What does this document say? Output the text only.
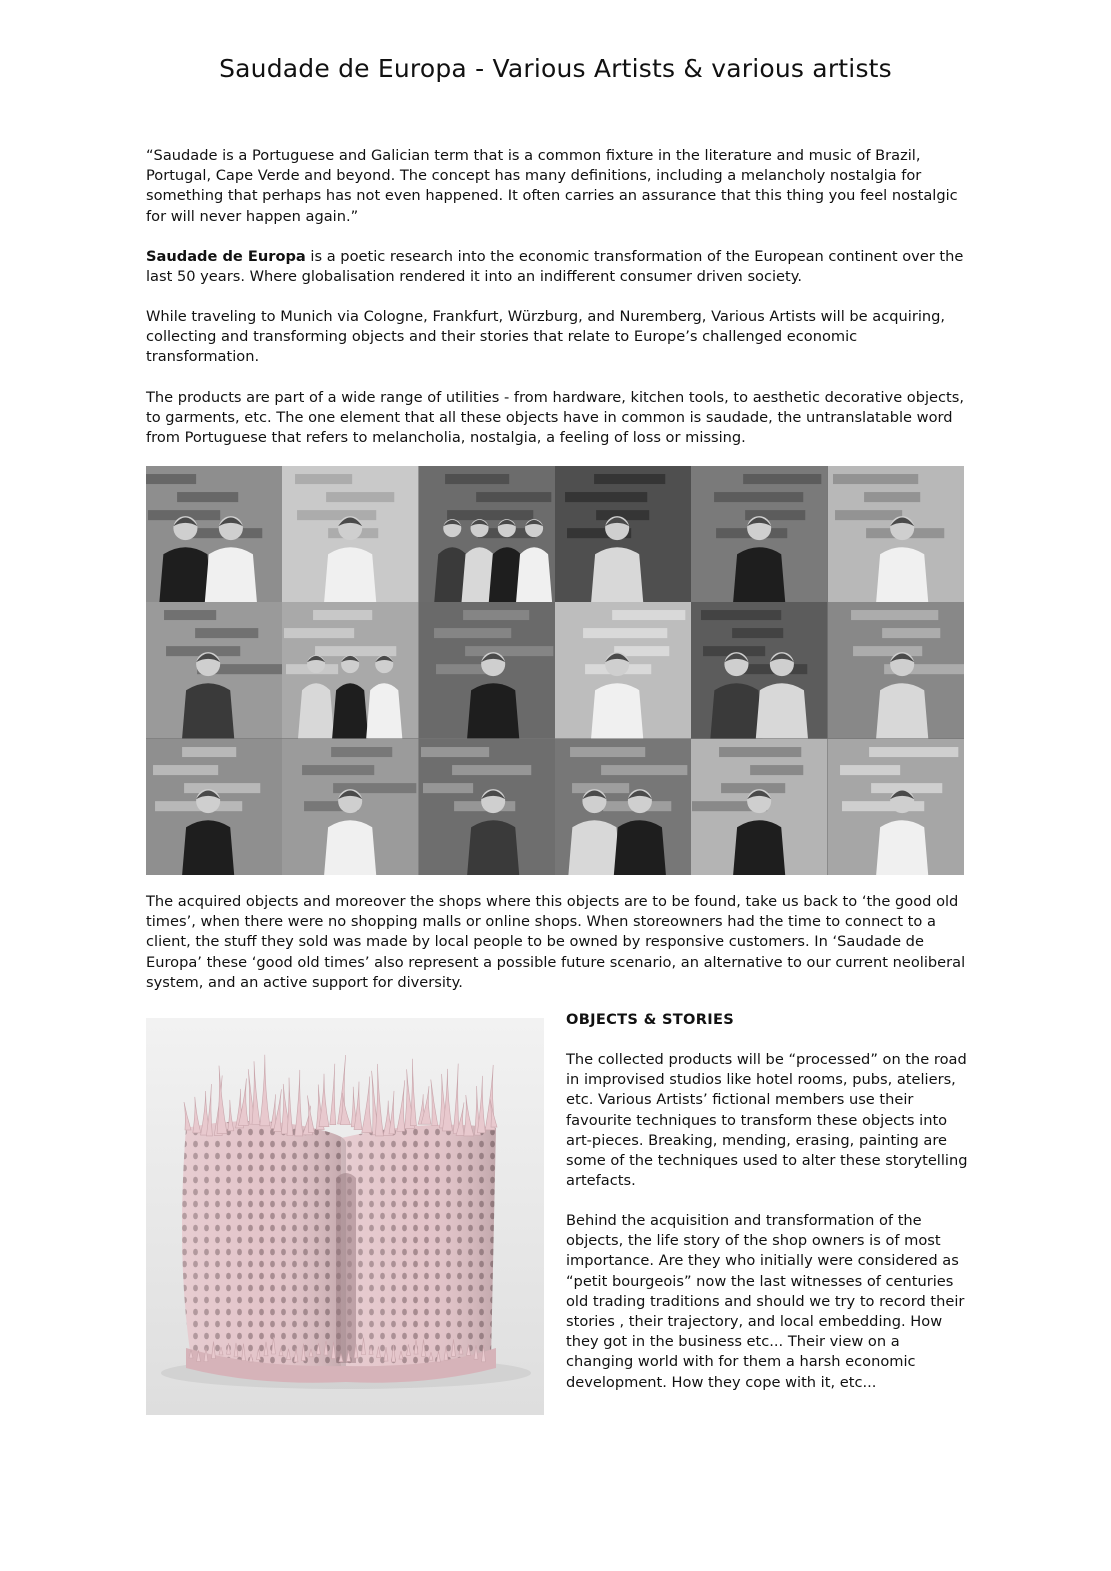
Saudade de Europa - Various Artists & various artists

“Saudade is a Portuguese and Galician term that is a common fixture in the literature and music of Brazil, Portugal, Cape Verde and beyond. The concept has many definitions, including a melancholy nostalgia for something that perhaps has not even happened. It often carries an assurance that this thing you feel nostalgic for will never happen again.”

Saudade de Europa is a poetic research into the economic transformation of the European continent over the last 50 years. Where globalisation rendered it into an indifferent consumer driven society.

While traveling to Munich via Cologne, Frankfurt, Würzburg, and Nuremberg, Various Artists will be acquiring, collecting and transforming objects and their stories that relate to Europe’s challenged economic transformation.

The products are part of a wide range of utilities - from hardware, kitchen tools, to aesthetic decorative objects, to garments, etc. The one element that all these objects have in common is saudade, the untranslatable word from Portuguese that refers to melancholia, nostalgia, a feeling of loss or missing.

The acquired objects and moreover the shops where this objects are to be found, take us back to ‘the good old times’, when there were no shopping malls or online shops. When storeowners had the time to connect to a client, the stuff they sold was made by local people to be owned by responsive customers. In ‘Saudade de Europa’ these ‘good old times’ also represent a possible future scenario, an alternative to our current neoliberal system, and an active support for diversity.

OBJECTS & STORIES

The collected products will be “processed” on the road in improvised studios like hotel rooms, pubs, ateliers, etc. Various Artists’ fictional members use their favourite techniques to transform these objects into art-pieces. Breaking, mending, erasing, painting are some of the techniques used to alter these storytelling artefacts.

Behind the acquisition and transformation of the objects, the life story of the shop owners is of most importance. Are they who initially were considered as “petit bourgeois” now the last witnesses of centuries old trading traditions and should we try to record their stories , their trajectory, and local embedding. How they got in the business etc... Their view on a changing world with for them a harsh economic development. How they cope with it, etc...
